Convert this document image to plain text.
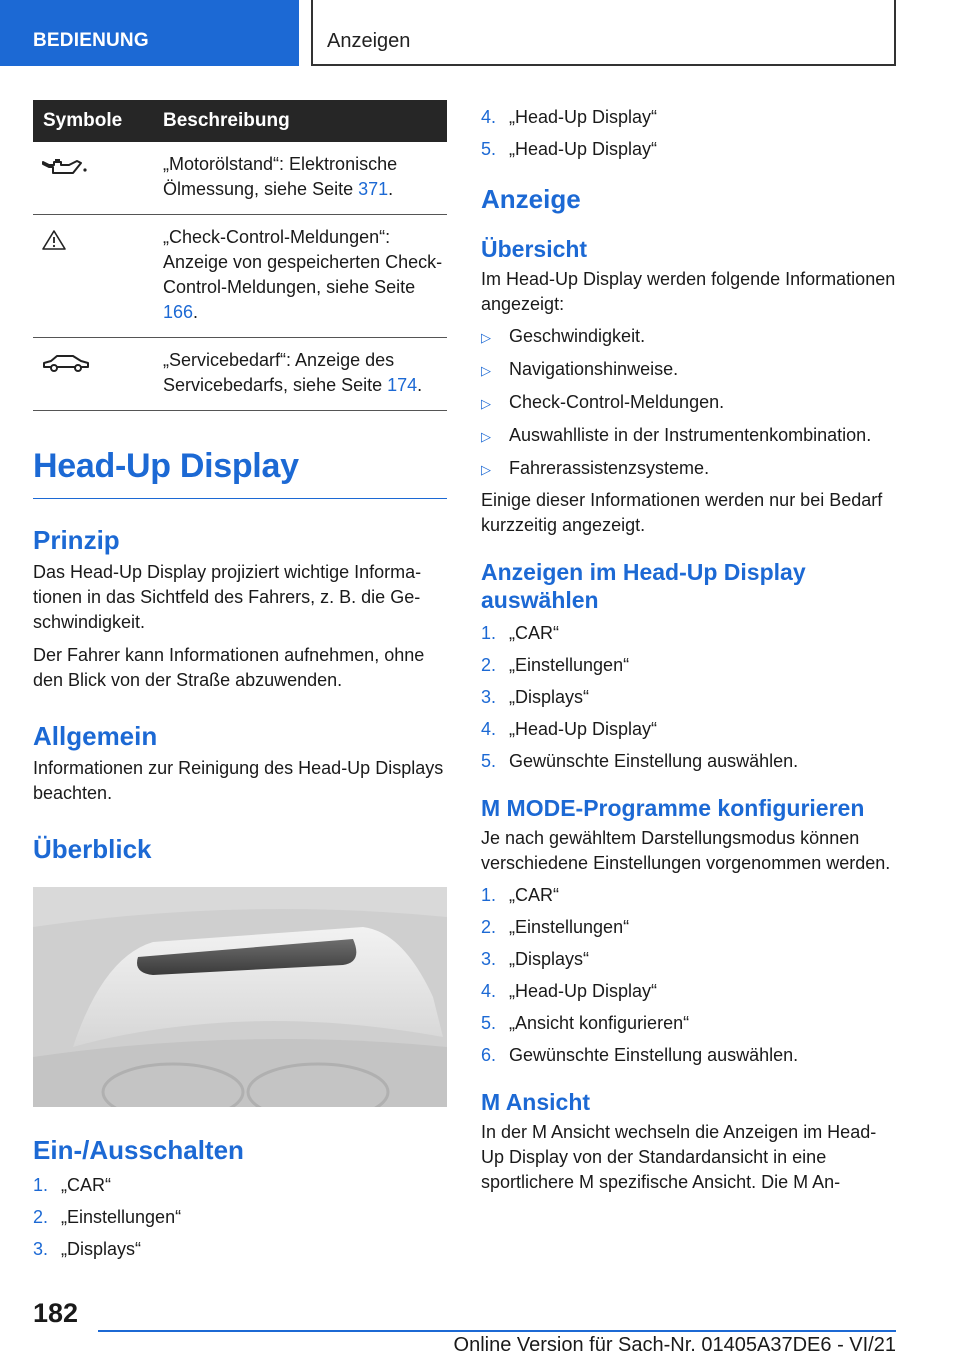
BEDIENUNG	Anzeigen
Symbole	Beschreibung
	„Motorölstand“: Elektronische Ölmessung, siehe Seite 371.
	„Check-Control-Meldungen“: Anzeige von gespeicherten Check-Control-Meldungen, siehe Seite 166.
	„Servicebedarf“: Anzeige des Servicebedarfs, siehe Seite 174.
Head-Up Display
Prinzip

Das Head-Up Display projiziert wichtige Informationen in das Sichtfeld des Fahrers, z. B. die Geschwindigkeit.

Der Fahrer kann Informationen aufnehmen, ohne den Blick von der Straße abzuwenden.

Allgemein

Informationen zur Reinigung des Head-Up Displays beachten.

Überblick
Ein-/Ausschalten
1. „CAR“
2. „Einstellungen“
3. „Displays“
4. „Head-Up Display“
5. „Head-Up Display“
Anzeige
Übersicht

Im Head-Up Display werden folgende Informationen angezeigt:

▷	Geschwindigkeit.
▷	Navigationshinweise.
▷	Check-Control-Meldungen.
▷	Auswahlliste in der Instrumentenkombination.
▷	Fahrerassistenzsysteme.

Einige dieser Informationen werden nur bei Bedarf kurzzeitig angezeigt.

Anzeigen im Head-Up Display auswählen
1. „CAR“
2. „Einstellungen“
3. „Displays“
4. „Head-Up Display“
5. Gewünschte Einstellung auswählen.
M MODE-Programme konfigurieren

Je nach gewähltem Darstellungsmodus können verschiedene Einstellungen vorgenommen werden.

1. „CAR“
2. „Einstellungen“
3. „Displays“
4. „Head-Up Display“
5. „Ansicht konfigurieren“
6. Gewünschte Einstellung auswählen.
M Ansicht

In der M Ansicht wechseln die Anzeigen im Head-Up Display von der Standardansicht in eine sportlichere M spezifische Ansicht. Die M An-

182
Online Version für Sach-Nr. 01405A37DE6 - VI/21
